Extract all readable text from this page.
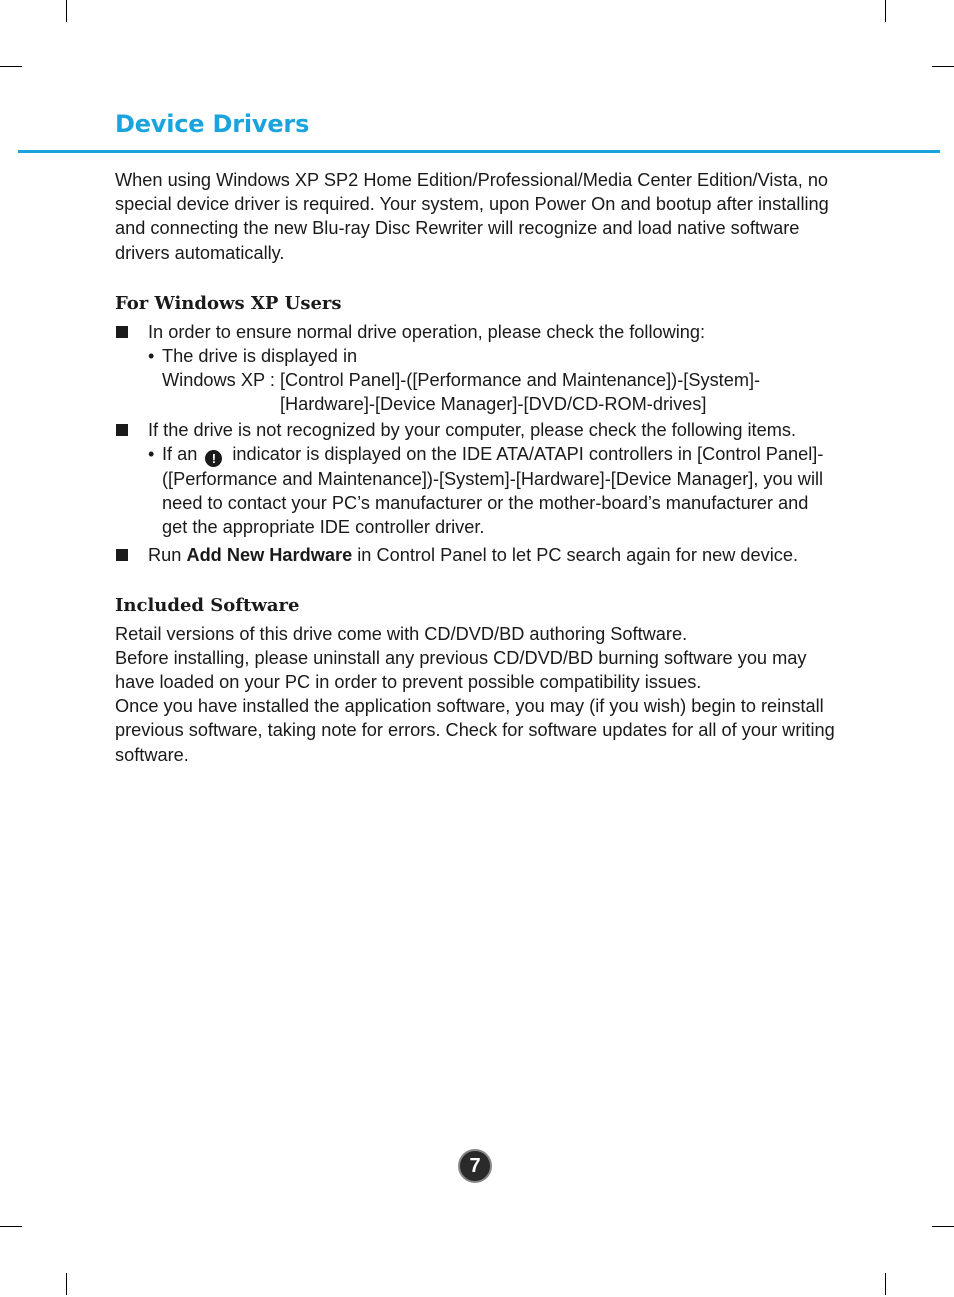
Device Drivers

When using Windows XP SP2 Home Edition/Professional/Media Center Edition/Vista, no special device driver is required. Your system, upon Power On and bootup after installing and connecting the new Blu-ray Disc Rewriter will recognize and load native software drivers automatically.

For Windows XP Users
In order to ensure normal drive operation, please check the following:
• The drive is displayed in
Windows XP : [Control Panel]-([Performance and Maintenance])-[System]-
[Hardware]-[Device Manager]-[DVD/CD-ROM-drives]
If the drive is not recognized by your computer, please check the following items.
• If an ! indicator is displayed on the IDE ATA/ATAPI controllers in [Control Panel]-([Performance and Maintenance])-[System]-[Hardware]-[Device Manager], you will need to contact your PC’s manufacturer or the mother-board’s manufacturer and get the appropriate IDE controller driver.
Run Add New Hardware in Control Panel to let PC search again for new device.
Included Software

Retail versions of this drive come with CD/DVD/BD authoring Software.

Before installing, please uninstall any previous CD/DVD/BD burning software you may have loaded on your PC in order to prevent possible compatibility issues.

Once you have installed the application software, you may (if you wish) begin to reinstall previous software, taking note for errors. Check for software updates for all of your writing software.

7
